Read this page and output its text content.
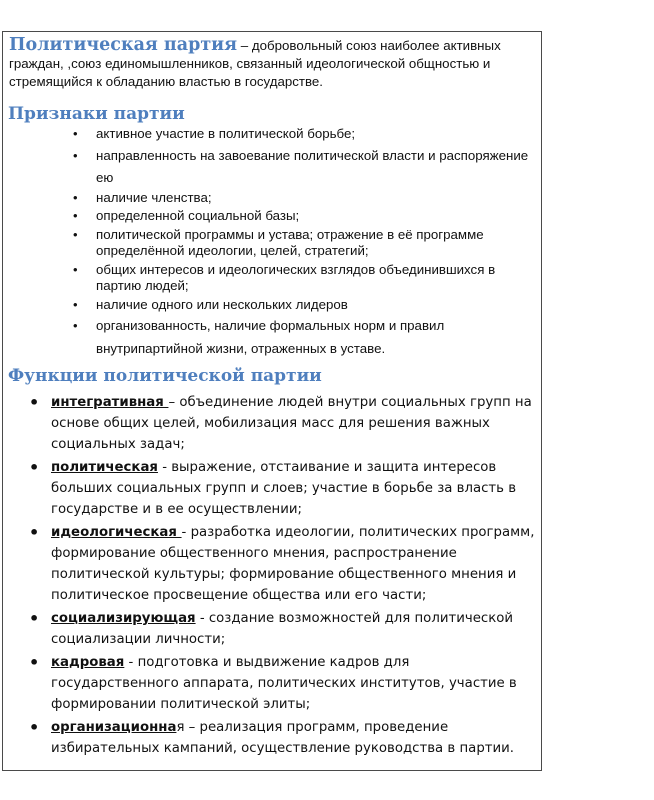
Политическая партия – добровольный союз наиболее активных граждан, ,союз единомышленников, связанный идеологической общностью и стремящийся к обладанию властью в государстве.
Признаки партии
• активное участие в политической борьбе;
• направленность на завоевание политической власти и распоряжение ею
• наличие членства;
• определенной социальной базы;
• политической программы и устава; отражение в её программе определённой идеологии, целей, стратегий;
• общих интересов и идеологических взглядов объединившихся в партию людей;
• наличие одного или нескольких лидеров
• организованность, наличие формальных норм и правил внутрипартийной жизни, отраженных в уставе.
Функции политической партии
• интегративная – объединение людей внутри социальных групп на основе общих целей, мобилизация масс для решения важных социальных задач;
• политическая - выражение, отстаивание и защита интересов больших социальных групп и слоев; участие в борьбе за власть в государстве и в ее осуществлении;
• идеологическая - разработка идеологии, политических программ, формирование общественного мнения, распространение политической культуры; формирование общественного мнения и политическое просвещение общества или его части;
• социализирующая - создание возможностей для политической социализации личности;
• кадровая - подготовка и выдвижение кадров для государственного аппарата, политических институтов, участие в формировании политической элиты;
• организационная – реализация программ, проведение избирательных кампаний, осуществление руководства в партии.
